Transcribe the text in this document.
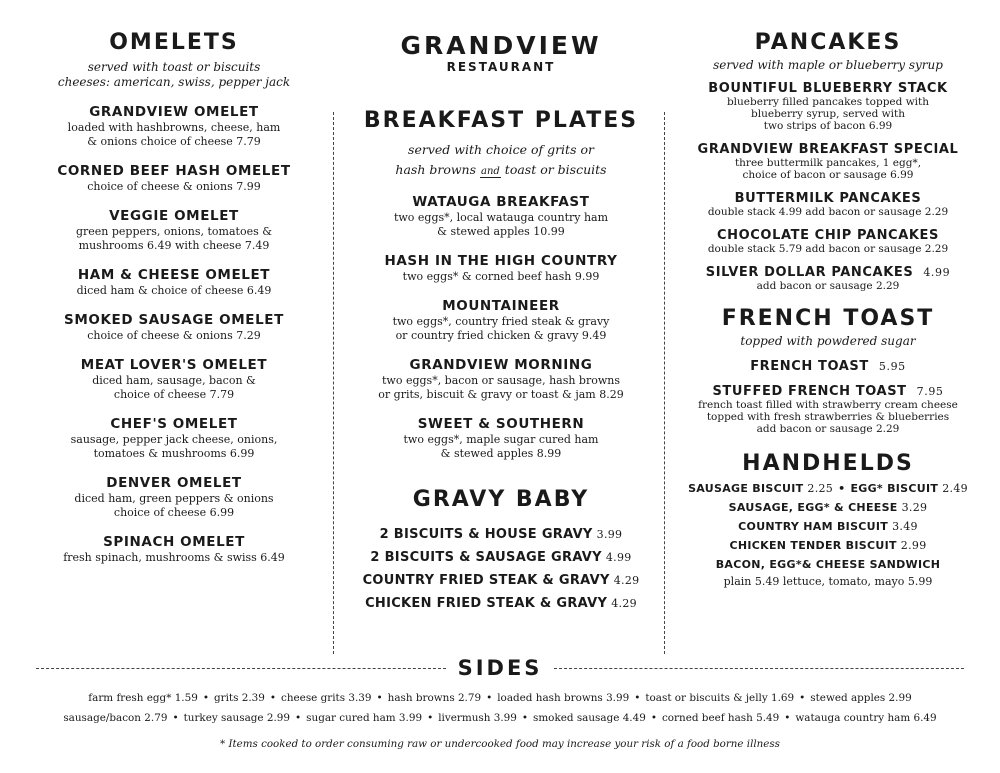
OMELETS
served with toast or biscuits
cheeses: american, swiss, pepper jack
GRANDVIEW OMELET
loaded with hashbrowns, cheese, ham
& onions choice of cheese 7.79
CORNED BEEF HASH OMELET
choice of cheese & onions 7.99
VEGGIE OMELET
green peppers, onions, tomatoes &
mushrooms 6.49 with cheese 7.49
HAM & CHEESE OMELET
diced ham & choice of cheese 6.49
SMOKED SAUSAGE OMELET
choice of cheese & onions 7.29
MEAT LOVER'S OMELET
diced ham, sausage, bacon &
choice of cheese 7.79
CHEF'S OMELET
sausage, pepper jack cheese, onions,
tomatoes & mushrooms 6.99
DENVER OMELET
diced ham, green peppers & onions
choice of cheese 6.99
SPINACH OMELET
fresh spinach, mushrooms & swiss 6.49
GRANDVIEW
RESTAURANT
BREAKFAST PLATES
served with choice of grits or
hash browns and toast or biscuits
WATAUGA BREAKFAST
two eggs*, local watauga country ham
& stewed apples 10.99
HASH IN THE HIGH COUNTRY
two eggs* & corned beef hash 9.99
MOUNTAINEER
two eggs*, country fried steak & gravy
or country fried chicken & gravy 9.49
GRANDVIEW MORNING
two eggs*, bacon or sausage, hash browns
or grits, biscuit & gravy or toast & jam 8.29
SWEET & SOUTHERN
two eggs*, maple sugar cured ham
& stewed apples 8.99
GRAVY BABY
2 BISCUITS & HOUSE GRAVY 3.99
2 BISCUITS & SAUSAGE GRAVY 4.99
COUNTRY FRIED STEAK & GRAVY 4.29
CHICKEN FRIED STEAK & GRAVY 4.29
PANCAKES
served with maple or blueberry syrup
BOUNTIFUL BLUEBERRY STACK
blueberry filled pancakes topped with
blueberry syrup, served with
two strips of bacon 6.99
GRANDVIEW BREAKFAST SPECIAL
three buttermilk pancakes, 1 egg*,
choice of bacon or sausage 6.99
BUTTERMILK PANCAKES
double stack 4.99 add bacon or sausage 2.29
CHOCOLATE CHIP PANCAKES
double stack 5.79 add bacon or sausage 2.29
SILVER DOLLAR PANCAKES 4.99
add bacon or sausage 2.29
FRENCH TOAST
topped with powdered sugar
FRENCH TOAST 5.95
STUFFED FRENCH TOAST 7.95
french toast filled with strawberry cream cheese
topped with fresh strawberries & blueberries
add bacon or sausage 2.29
HANDHELDS
SAUSAGE BISCUIT 2.25 • EGG* BISCUIT 2.49
SAUSAGE, EGG* & CHEESE 3.29
COUNTRY HAM BISCUIT 3.49
CHICKEN TENDER BISCUIT 2.99
BACON, EGG*& CHEESE SANDWICH
plain 5.49 lettuce, tomato, mayo 5.99
SIDES
farm fresh egg* 1.59 • grits 2.39 • cheese grits 3.39 • hash browns 2.79 • loaded hash browns 3.99 • toast or biscuits & jelly 1.69 • stewed apples 2.99
sausage/bacon 2.79 • turkey sausage 2.99 • sugar cured ham 3.99 • livermush 3.99 • smoked sausage 4.49 • corned beef hash 5.49 • watauga country ham 6.49
* Items cooked to order consuming raw or undercooked food may increase your risk of a food borne illness
